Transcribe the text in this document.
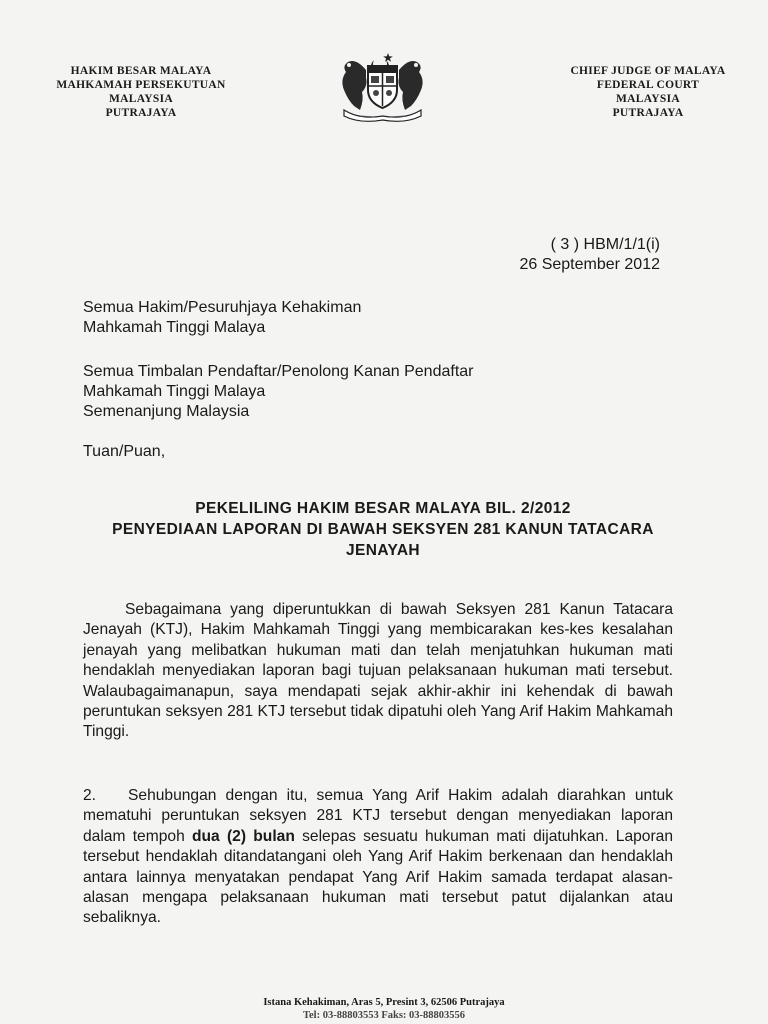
HAKIM BESAR MALAYA
MAHKAMAH PERSEKUTUAN
MALAYSIA
PUTRAJAYA
CHIEF JUDGE OF MALAYA
FEDERAL COURT
MALAYSIA
PUTRAJAYA
( 3 ) HBM/1/1(i)
26 September 2012
Semua Hakim/Pesuruhjaya Kehakiman
Mahkamah Tinggi Malaya
Semua Timbalan Pendaftar/Penolong Kanan Pendaftar
Mahkamah Tinggi Malaya
Semenanjung Malaysia
Tuan/Puan,
PEKELILING HAKIM BESAR MALAYA BIL. 2/2012
PENYEDIAAN LAPORAN DI BAWAH SEKSYEN 281 KANUN TATACARA
JENAYAH
Sebagaimana yang diperuntukkan di bawah Seksyen 281 Kanun Tatacara Jenayah (KTJ), Hakim Mahkamah Tinggi yang membicarakan kes-kes kesalahan jenayah yang melibatkan hukuman mati dan telah menjatuhkan hukuman mati hendaklah menyediakan laporan bagi tujuan pelaksanaan hukuman mati tersebut. Walaubagaimanapun, saya mendapati sejak akhir-akhir ini kehendak di bawah peruntukan seksyen 281 KTJ tersebut tidak dipatuhi oleh Yang Arif Hakim Mahkamah Tinggi.
2. Sehubungan dengan itu, semua Yang Arif Hakim adalah diarahkan untuk mematuhi peruntukan seksyen 281 KTJ tersebut dengan menyediakan laporan dalam tempoh dua (2) bulan selepas sesuatu hukuman mati dijatuhkan. Laporan tersebut hendaklah ditandatangani oleh Yang Arif Hakim berkenaan dan hendaklah antara lainnya menyatakan pendapat Yang Arif Hakim samada terdapat alasan-alasan mengapa pelaksanaan hukuman mati tersebut patut dijalankan atau sebaliknya.
Istana Kehakiman, Aras 5, Presint 3, 62506 Putrajaya
Tel: 03-88803553 Faks: 03-88803556
